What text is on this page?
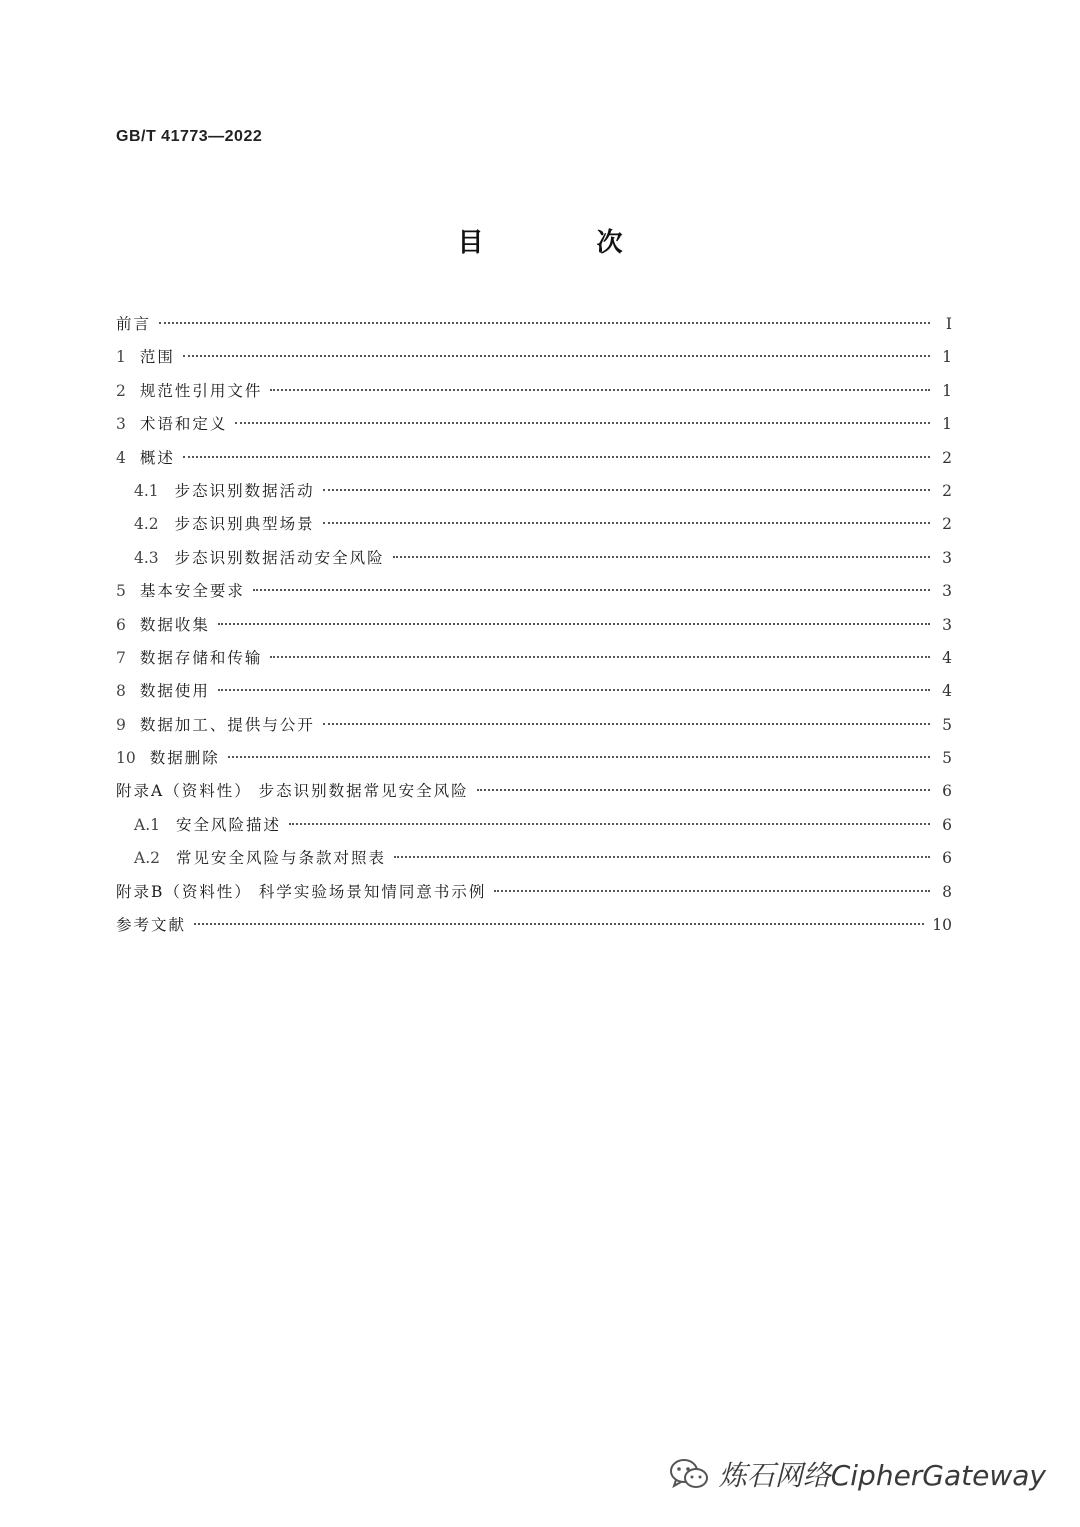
GB/T 41773—2022
目 次
前言	I
1 范围	1
2 规范性引用文件	1
3 术语和定义	1
4 概述	2
4.1 步态识别数据活动	2
4.2 步态识别典型场景	2
4.3 步态识别数据活动安全风险	3
5 基本安全要求	3
6 数据收集	3
7 数据存储和传输	4
8 数据使用	4
9 数据加工、提供与公开	5
10 数据删除	5
附录A（资料性） 步态识别数据常见安全风险	6
A.1 安全风险描述	6
A.2 常见安全风险与条款对照表	6
附录B（资料性） 科学实验场景知情同意书示例	8
参考文献	10
炼石网络CipherGateway
